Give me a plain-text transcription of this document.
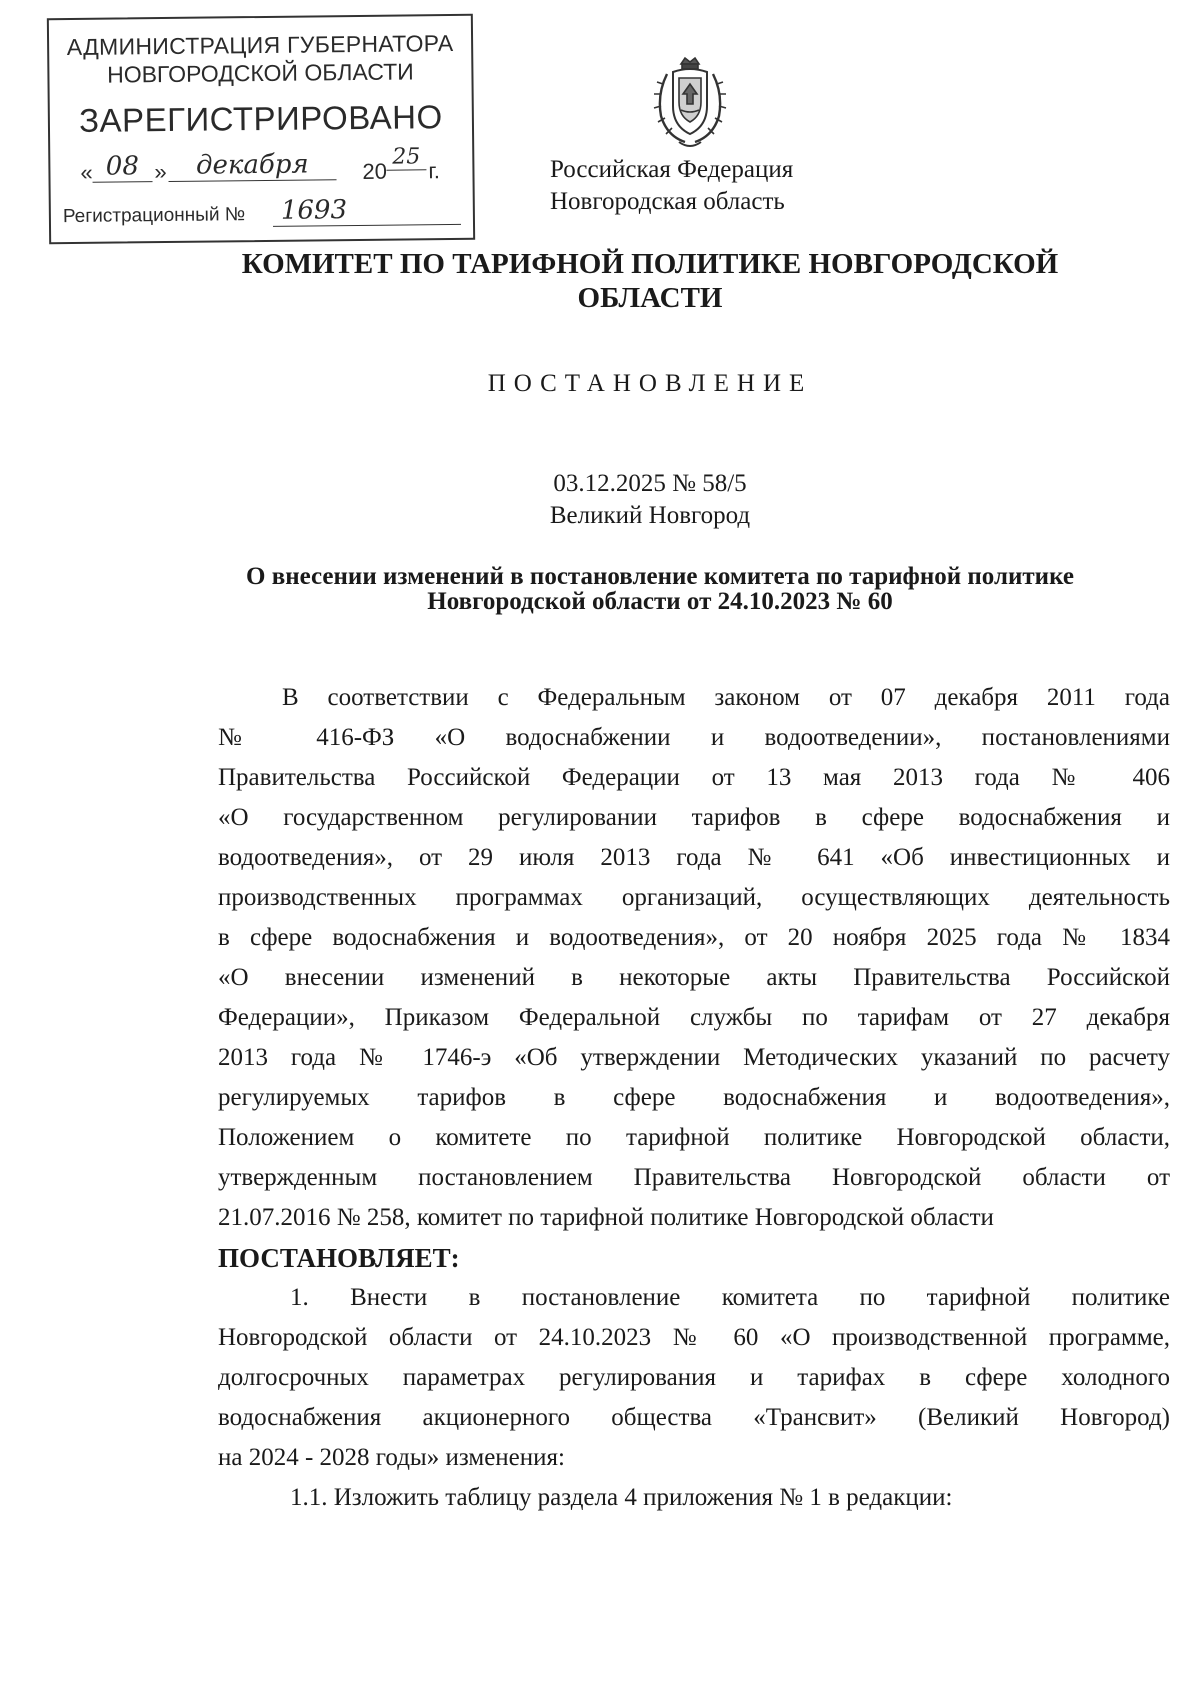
АДМИНИСТРАЦИЯ ГУБЕРНАТОРА
НОВГОРОДСКОЙ ОБЛАСТИ
ЗАРЕГИСТРИРОВАНО
« 08 »	декабря	20
25
г.
Регистрационный №	1693
Российская Федерация
Новгородская область
КОМИТЕТ ПО ТАРИФНОЙ ПОЛИТИКЕ НОВГОРОДСКОЙ
ОБЛАСТИ
ПОСТАНОВЛЕНИЕ
03.12.2025 № 58/5
Великий Новгород
О внесении изменений в постановление комитета по тарифной политике
Новгородской области от 24.10.2023 № 60
В соответствии с Федеральным законом от 07 декабря 2011 года
№ 416-ФЗ «О водоснабжении и водоотведении», постановлениями
Правительства Российской Федерации от 13 мая 2013 года № 406
«О государственном регулировании тарифов в сфере водоснабжения и
водоотведения», от 29 июля 2013 года № 641 «Об инвестиционных и
производственных программах организаций, осуществляющих деятельность
в сфере водоснабжения и водоотведения», от 20 ноября 2025 года № 1834
«О внесении изменений в некоторые акты Правительства Российской
Федерации», Приказом Федеральной службы по тарифам от 27 декабря
2013 года № 1746-э «Об утверждении Методических указаний по расчету
регулируемых тарифов в сфере водоснабжения и водоотведения»,
Положением о комитете по тарифной политике Новгородской области,
утвержденным постановлением Правительства Новгородской области от
21.07.2016 № 258, комитет по тарифной политике Новгородской области
ПОСТАНОВЛЯЕТ:
1. Внести в постановление комитета по тарифной политике
Новгородской области от 24.10.2023 № 60 «О производственной программе,
долгосрочных параметрах регулирования и тарифах в сфере холодного
водоснабжения акционерного общества «Трансвит» (Великий Новгород)
на 2024 - 2028 годы» изменения:
1.1. Изложить таблицу раздела 4 приложения № 1 в редакции:
